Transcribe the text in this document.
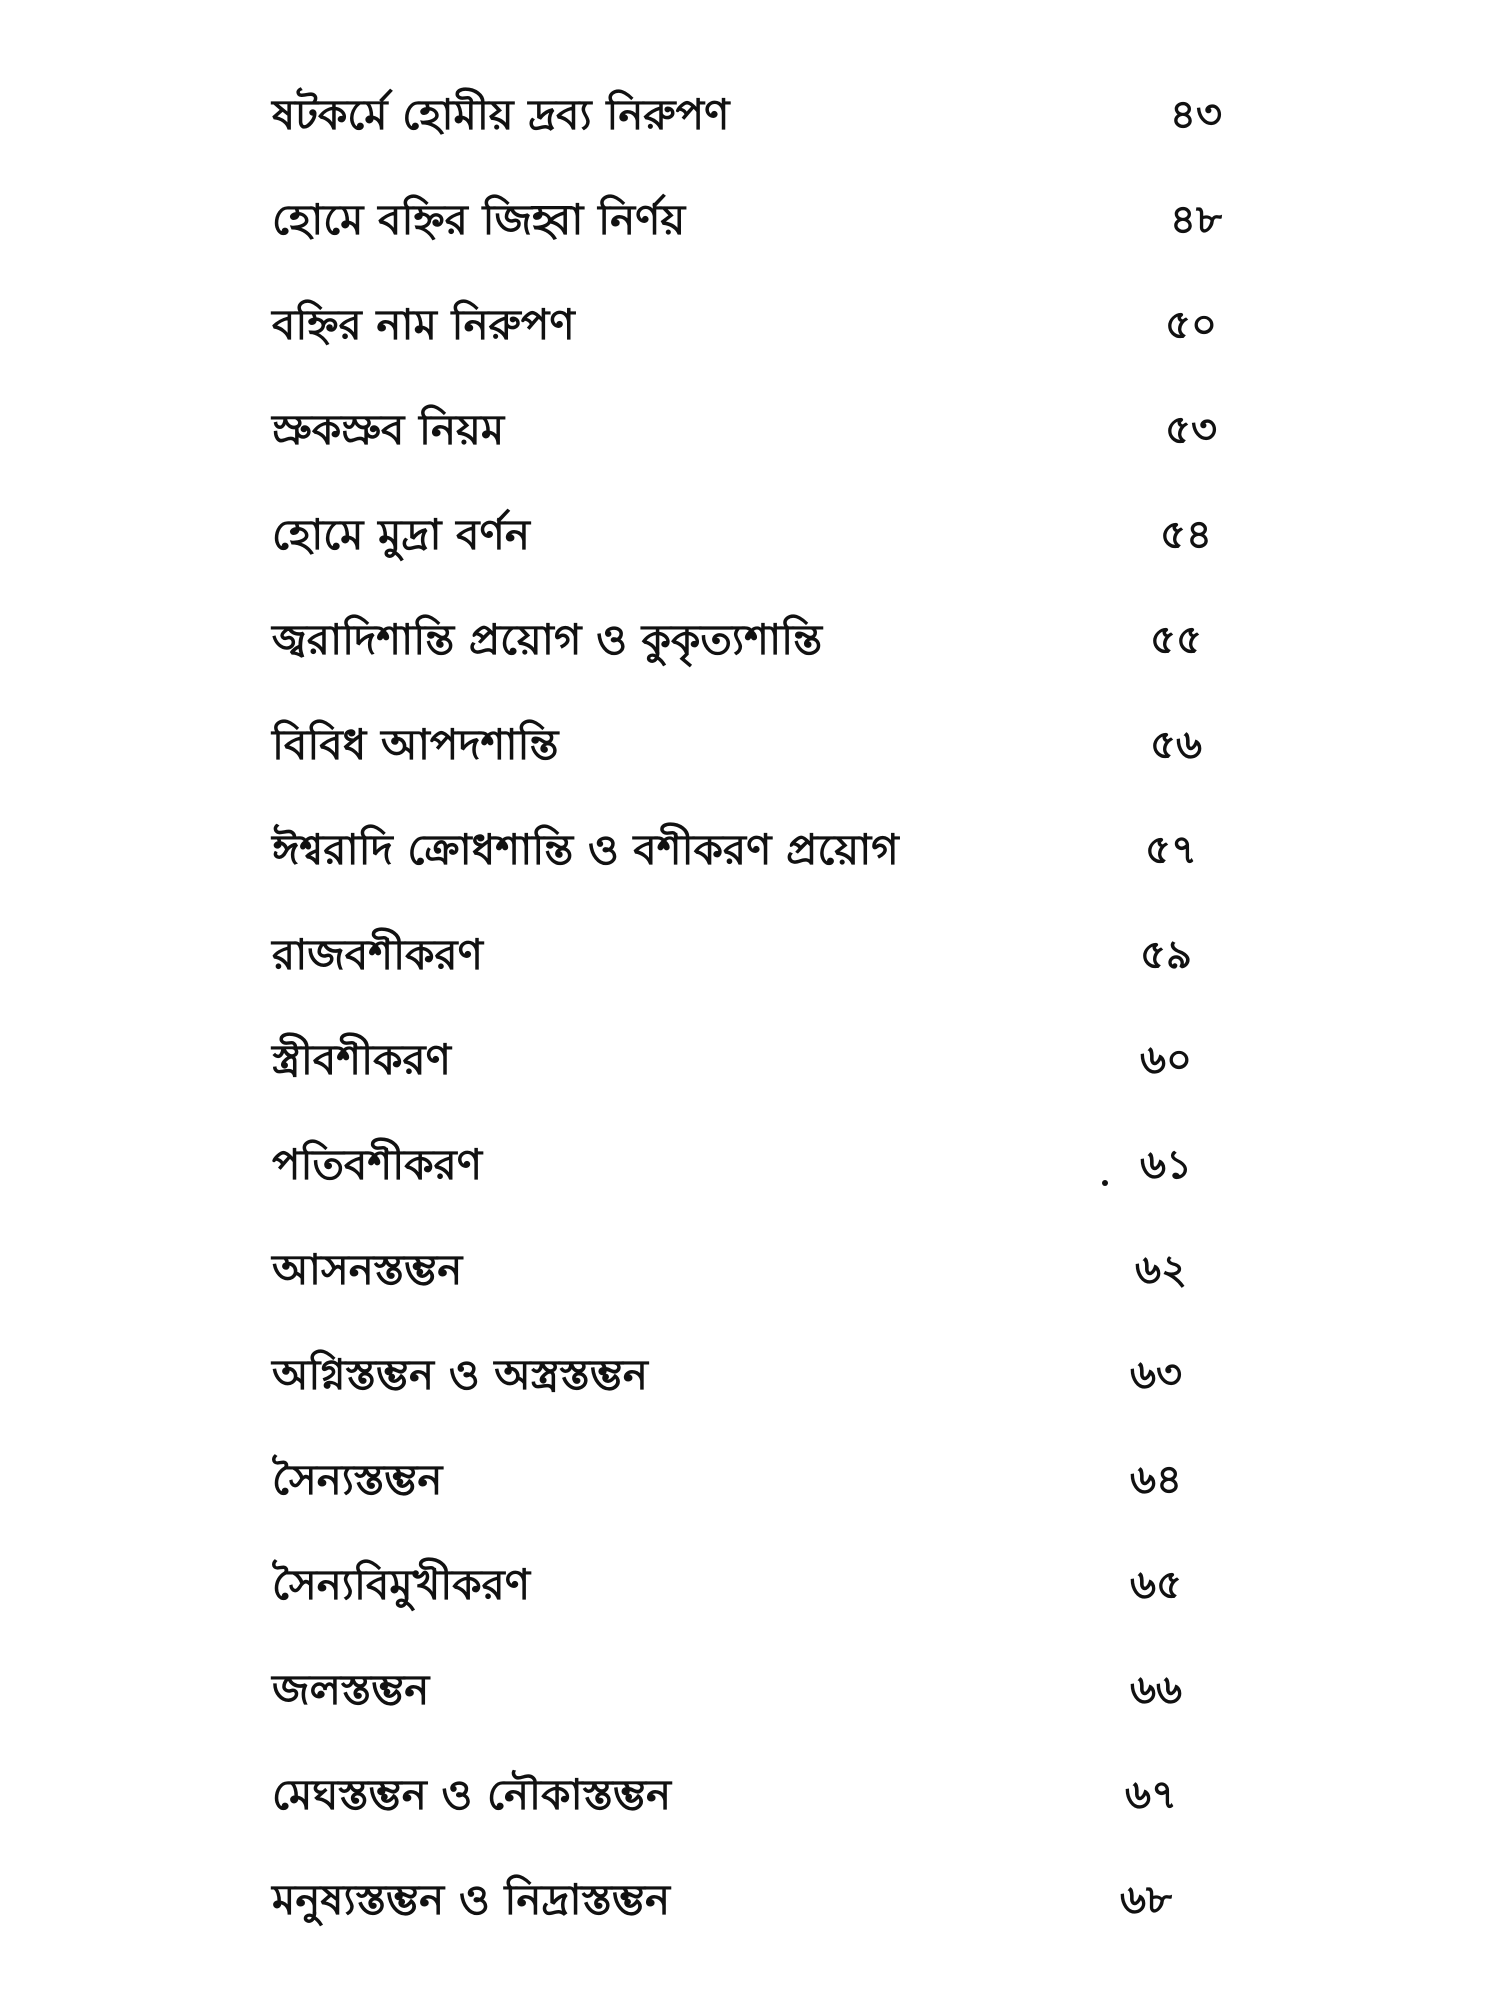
ষটকর্মে হোমীয় দ্রব্য নিরুপণ	৪৩
হোমে বহ্নির জিহ্বা নির্ণয়	৪৮
বহ্নির নাম নিরুপণ	৫০
স্রুকস্রুব নিয়ম	৫৩
হোমে মুদ্রা বর্ণন	৫৪
জ্বরাদিশান্তি প্রয়োগ ও কুকৃত্যশান্তি	৫৫
বিবিধ আপদশান্তি	৫৬
ঈশ্বরাদি ক্রোধশান্তি ও বশীকরণ প্রয়োগ	৫৭
রাজবশীকরণ	৫৯
স্ত্রীবশীকরণ	৬০
পতিবশীকরণ	৬১
আসনস্তম্ভন	৬২
অগ্নিস্তম্ভন ও অস্ত্রস্তম্ভন	৬৩
সৈন্যস্তম্ভন	৬৪
সৈন্যবিমুখীকরণ	৬৫
জলস্তম্ভন	৬৬
মেঘস্তম্ভন ও নৌকাস্তম্ভন	৬৭
মনুষ্যস্তম্ভন ও নিদ্রাস্তম্ভন	৬৮
